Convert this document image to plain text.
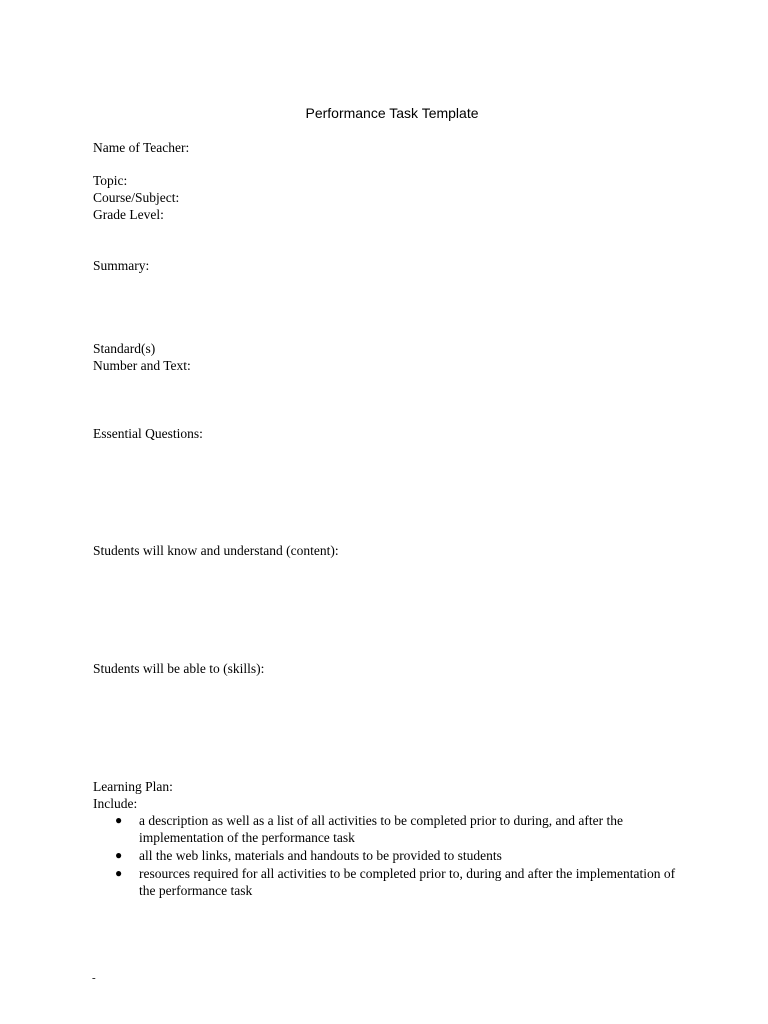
Performance Task Template
Name of Teacher:
Topic:
Course/Subject:
Grade Level:
Summary:
Standard(s)
Number and Text:
Essential Questions:
Students will know and understand (content):
Students will be able to (skills):
Learning Plan:
Include:
● a description as well as a list of all activities to be completed prior to during, and after the implementation of the performance task
● all the web links, materials and handouts to be provided to students
● resources required for all activities to be completed prior to, during and after the implementation of the performance task
-
